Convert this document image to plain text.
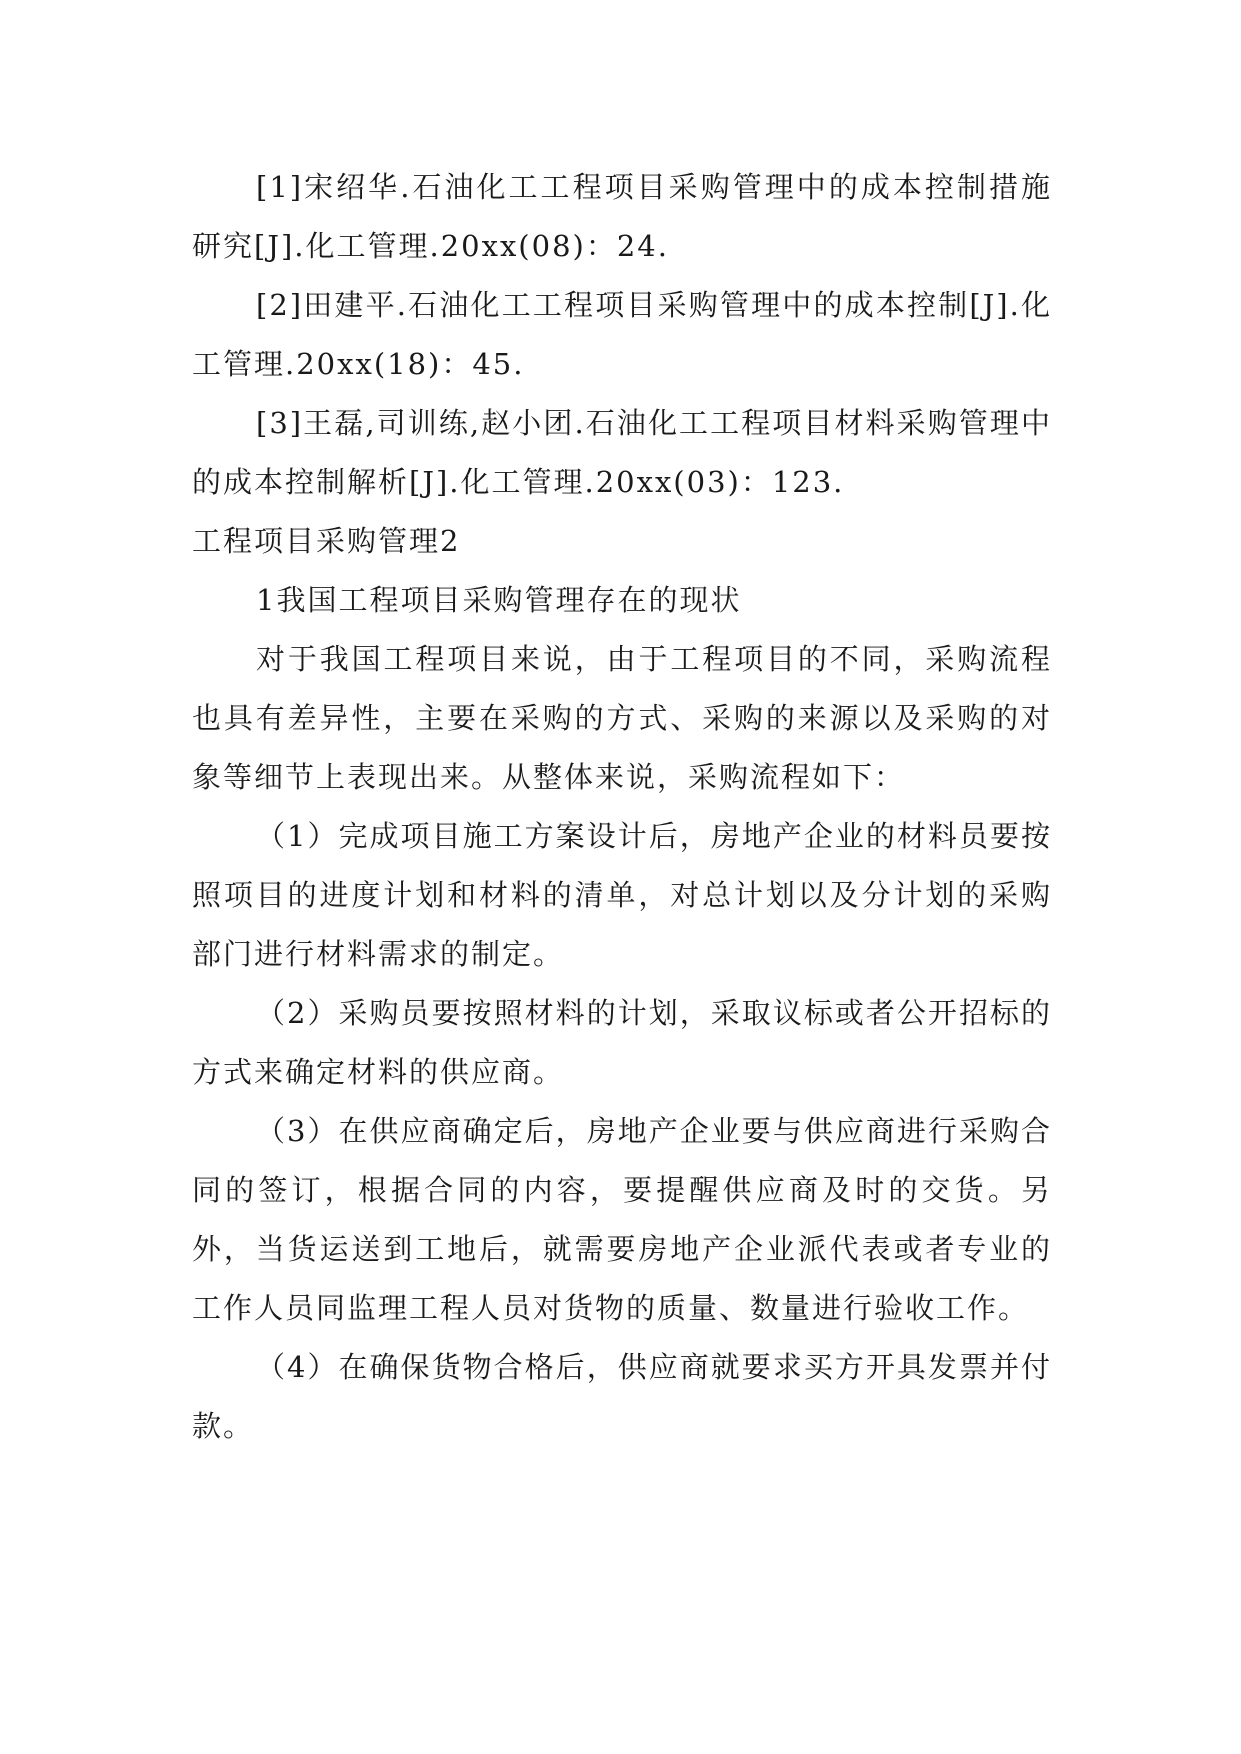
[1]宋绍华.石油化工工程项目采购管理中的成本控制措施研究[J].化工管理.20xx(08)：24.

[2]田建平.石油化工工程项目采购管理中的成本控制[J].化工管理.20xx(18)：45.

[3]王磊,司训练,赵小团.石油化工工程项目材料采购管理中的成本控制解析[J].化工管理.20xx(03)：123.

工程项目采购管理2

1我国工程项目采购管理存在的现状

对于我国工程项目来说，由于工程项目的不同，采购流程也具有差异性，主要在采购的方式、采购的来源以及采购的对象等细节上表现出来。从整体来说，采购流程如下：

（1）完成项目施工方案设计后，房地产企业的材料员要按照项目的进度计划和材料的清单，对总计划以及分计划的采购部门进行材料需求的制定。

（2）采购员要按照材料的计划，采取议标或者公开招标的方式来确定材料的供应商。

（3）在供应商确定后，房地产企业要与供应商进行采购合同的签订，根据合同的内容，要提醒供应商及时的交货。另外，当货运送到工地后，就需要房地产企业派代表或者专业的工作人员同监理工程人员对货物的质量、数量进行验收工作。

（4）在确保货物合格后，供应商就要求买方开具发票并付款。
